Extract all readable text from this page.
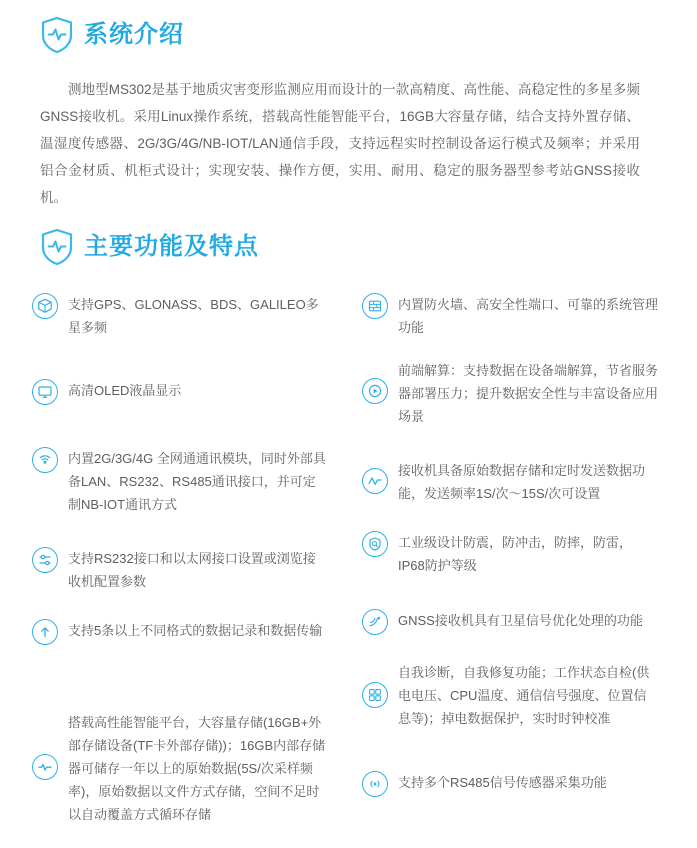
系统介绍

测地型MS302是基于地质灾害变形监测应用而设计的一款高精度、高性能、高稳定性的多星多频GNSS接收机。采用Linux操作系统，搭载高性能智能平台，16GB大容量存储，结合支持外置存储、温湿度传感器、2G/3G/4G/NB-IOT/LAN通信手段，支持远程实时控制设备运行模式及频率；并采用铝合金材质、机柜式设计；实现安装、操作方便，实用、耐用、稳定的服务器型参考站GNSS接收机。

主要功能及特点
支持GPS、GLONASS、BDS、GALILEO多星多频
高清OLED液晶显示
内置2G/3G/4G 全网通通讯模块，同时外部具备LAN、RS232、RS485通讯接口，并可定制NB-IOT通讯方式
支持RS232接口和以太网接口设置或浏览接收机配置参数
支持5条以上不同格式的数据记录和数据传输
搭载高性能智能平台，大容量存储(16GB+外部存储设备(TF卡外部存储))；16GB内部存储器可储存一年以上的原始数据(5S/次采样频率)，原始数据以文件方式存储，空间不足时以自动覆盖方式循环存储
内置防火墙、高安全性端口、可靠的系统管理功能
前端解算：支持数据在设备端解算，节省服务器部署压力；提升数据安全性与丰富设备应用场景
接收机具备原始数据存储和定时发送数据功能，发送频率1S/次～15S/次可设置
工业级设计防震，防冲击，防摔，防雷，IP68防护等级
GNSS接收机具有卫星信号优化处理的功能
自我诊断，自我修复功能；工作状态自检(供电电压、CPU温度、通信信号强度、位置信息等)；掉电数据保护，实时时钟校准
支持多个RS485信号传感器采集功能
